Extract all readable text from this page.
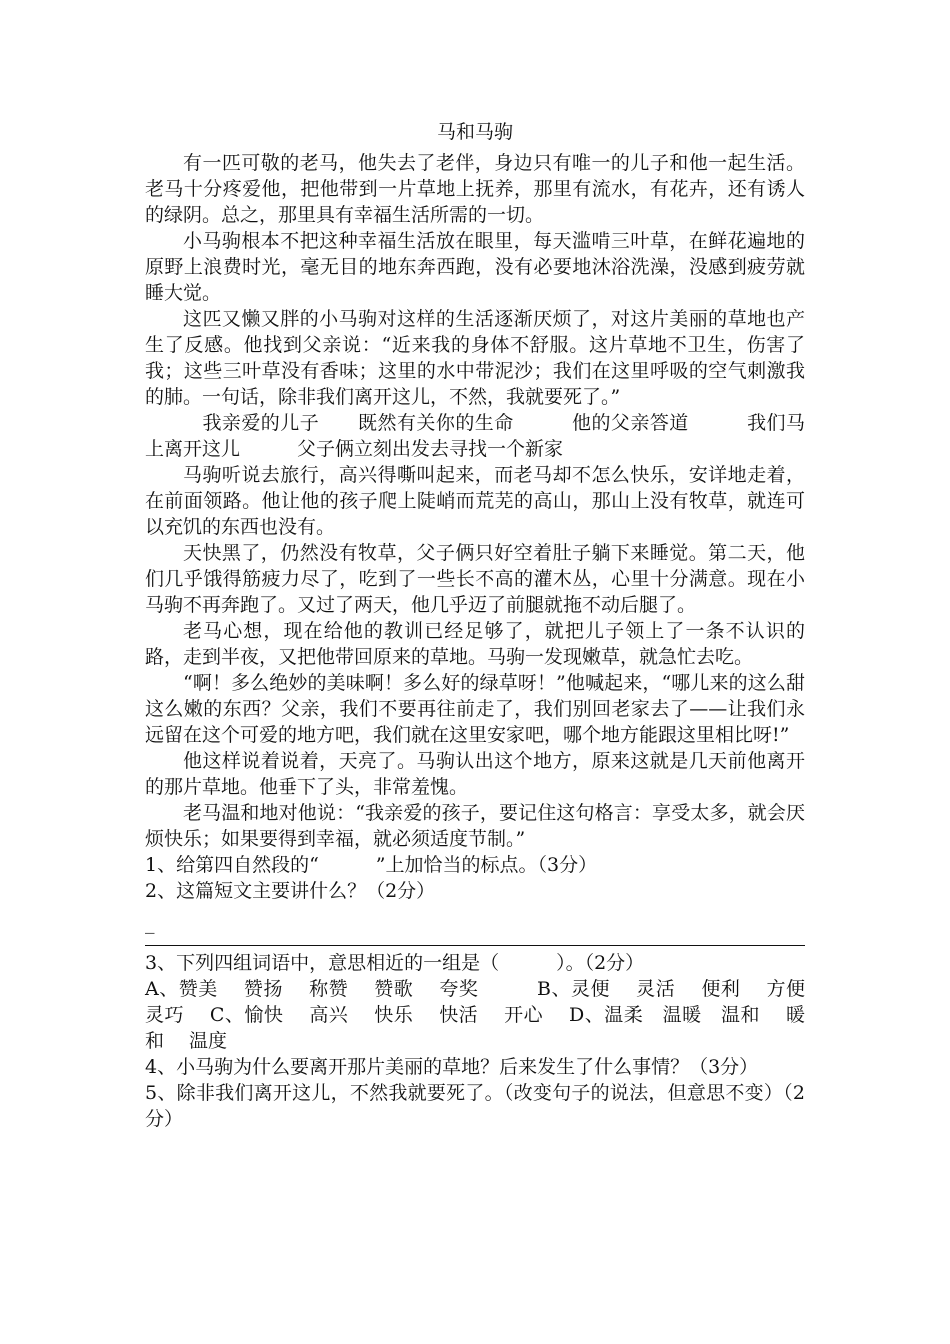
马和马驹

有一匹可敬的老马，他失去了老伴，身边只有唯一的儿子和他一起生活。老马十分疼爱他，把他带到一片草地上抚养，那里有流水，有花卉，还有诱人的绿阴。总之，那里具有幸福生活所需的一切。

小马驹根本不把这种幸福生活放在眼里，每天滥啃三叶草，在鲜花遍地的原野上浪费时光，毫无目的地东奔西跑，没有必要地沐浴洗澡，没感到疲劳就睡大觉。

这匹又懒又胖的小马驹对这样的生活逐渐厌烦了，对这片美丽的草地也产生了反感。他找到父亲说：“近来我的身体不舒服。这片草地不卫生，伤害了我；这些三叶草没有香味；这里的水中带泥沙；我们在这里呼吸的空气刺激我的肺。一句话，除非我们离开这儿，不然，我就要死了。”

　我亲爱的儿子　　既然有关你的生命　　　他的父亲答道　　　我们马上离开这儿　　　父子俩立刻出发去寻找一个新家

马驹听说去旅行，高兴得嘶叫起来，而老马却不怎么快乐，安详地走着，在前面领路。他让他的孩子爬上陡峭而荒芜的高山，那山上没有牧草，就连可以充饥的东西也没有。

天快黑了，仍然没有牧草，父子俩只好空着肚子躺下来睡觉。第二天，他们几乎饿得筋疲力尽了，吃到了一些长不高的灌木丛，心里十分满意。现在小马驹不再奔跑了。又过了两天，他几乎迈了前腿就拖不动后腿了。

老马心想，现在给他的教训已经足够了，就把儿子领上了一条不认识的路，走到半夜，又把他带回原来的草地。马驹一发现嫩草，就急忙去吃。

“啊！多么绝妙的美味啊！多么好的绿草呀！”他喊起来，“哪儿来的这么甜这么嫩的东西？父亲，我们不要再往前走了，我们别回老家去了——让我们永远留在这个可爱的地方吧，我们就在这里安家吧，哪个地方能跟这里相比呀!”

他这样说着说着，天亮了。马驹认出这个地方，原来这就是几天前他离开的那片草地。他垂下了头，非常羞愧。

老马温和地对他说：“我亲爱的孩子，要记住这句格言：享受太多，就会厌烦快乐；如果要得到幸福，就必须适度节制。”

1、给第四自然段的“　　　”上加恰当的标点。（3分）

2、这篇短文主要讲什么？（2分）

_

3、下列四组词语中，意思相近的一组是（　　　）。（2分）

A、赞美　 赞扬　 称赞　 赞歌　 夸奖　　　B、灵便　 灵活　 便利　 方便　 灵巧　 C、愉快　 高兴　 快乐　 快活　 开心　 D、温柔　温暖　温和　 暖和　 温度

4、小马驹为什么要离开那片美丽的草地？后来发生了什么事情？（3分）

5、除非我们离开这儿，不然我就要死了。（改变句子的说法，但意思不变）（2分）
